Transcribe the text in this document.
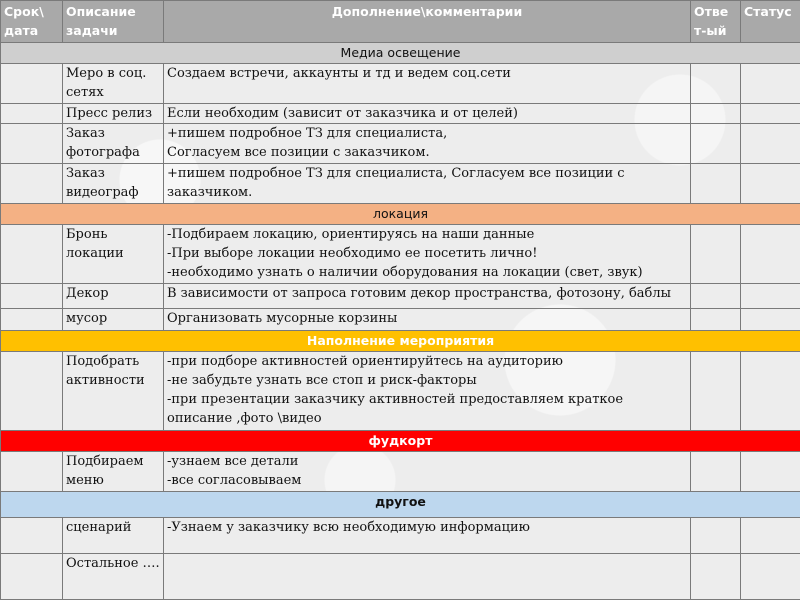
Срок\ дата	Описание задачи	Дополнение\комментарии	Отве т-ый	Статус
Медиа освещение				
	Меро в соц. сетях	Создаем встречи, аккаунты и тд и ведем соц.сети		

	Пресс релиз	Если необходим (зависит от заказчика и от целей)		

	Заказ фотографа	+пишем подробное ТЗ для специалиста,
Согласуем все позиции с заказчиком.		

	Заказ видеограф	+пишем подробное ТЗ для специалиста, Согласуем все позиции с
заказчиком.		

локация				
	Бронь локации	-Подбираем локацию, ориентируясь на наши данные
-При выборе локации необходимо ее посетить лично!
-необходимо узнать о наличии оборудования на локации (свет, звук)		

	Декор	В зависимости от запроса готовим декор пространства, фотозону, баблы		

	мусор	Организовать мусорные корзины		

Наполнение мероприятия				
	Подобрать активности	-при подборе активностей ориентируйтесь на аудиторию
-не забудьте узнать все стоп и риск-факторы
-при презентации заказчику активностей предоставляем краткое
описание ,фото \видео		

фудкорт				
	Подбираем меню	-узнаем все детали
-все согласовываем		

другое				
	сценарий	-Узнаем у заказчику всю необходимую информацию		

	Остальное ….	
